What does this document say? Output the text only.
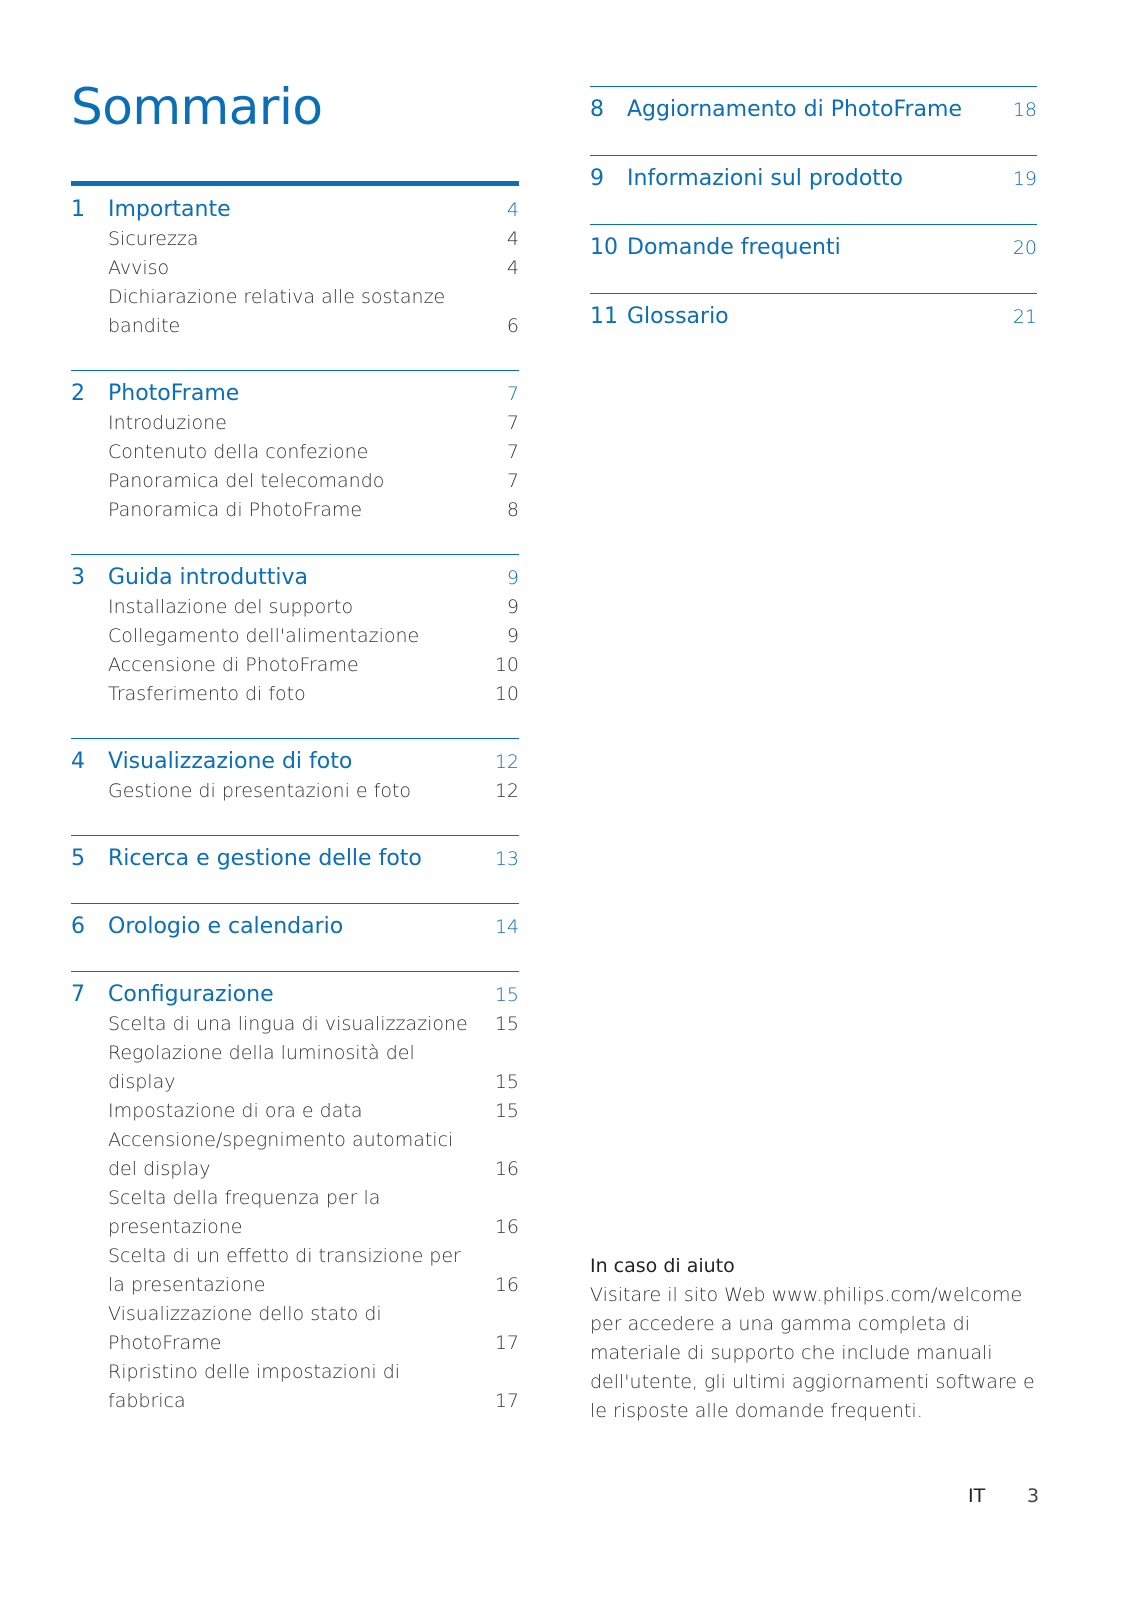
Sommario
1	Importante	4
Sicurezza	4
Avviso	4
Dichiarazione relativa alle sostanze bandite	6
2	PhotoFrame	7
Introduzione	7
Contenuto della confezione	7
Panoramica del telecomando	7
Panoramica di PhotoFrame	8
3	Guida introduttiva	9
Installazione del supporto	9
Collegamento dell'alimentazione	9
Accensione di PhotoFrame	10
Trasferimento di foto	10
4	Visualizzazione di foto	12
Gestione di presentazioni e foto	12
5	Ricerca e gestione delle foto	13
6	Orologio e calendario	14
7	Configurazione	15
Scelta di una lingua di visualizzazione	15
Regolazione della luminosità del display	15
Impostazione di ora e data	15
Accensione/spegnimento automatici del display	16
Scelta della frequenza per la presentazione	16
Scelta di un effetto di transizione per la presentazione	16
Visualizzazione dello stato di PhotoFrame	17
Ripristino delle impostazioni di fabbrica	17
8	Aggiornamento di PhotoFrame	18
9	Informazioni sul prodotto	19
10 Domande frequenti	20
11 Glossario	21
In caso di aiuto
Visitare il sito Web www.philips.com/welcome per accedere a una gamma completa di materiale di supporto che include manuali dell'utente, gli ultimi aggiornamenti software e le risposte alle domande frequenti.
IT 3
